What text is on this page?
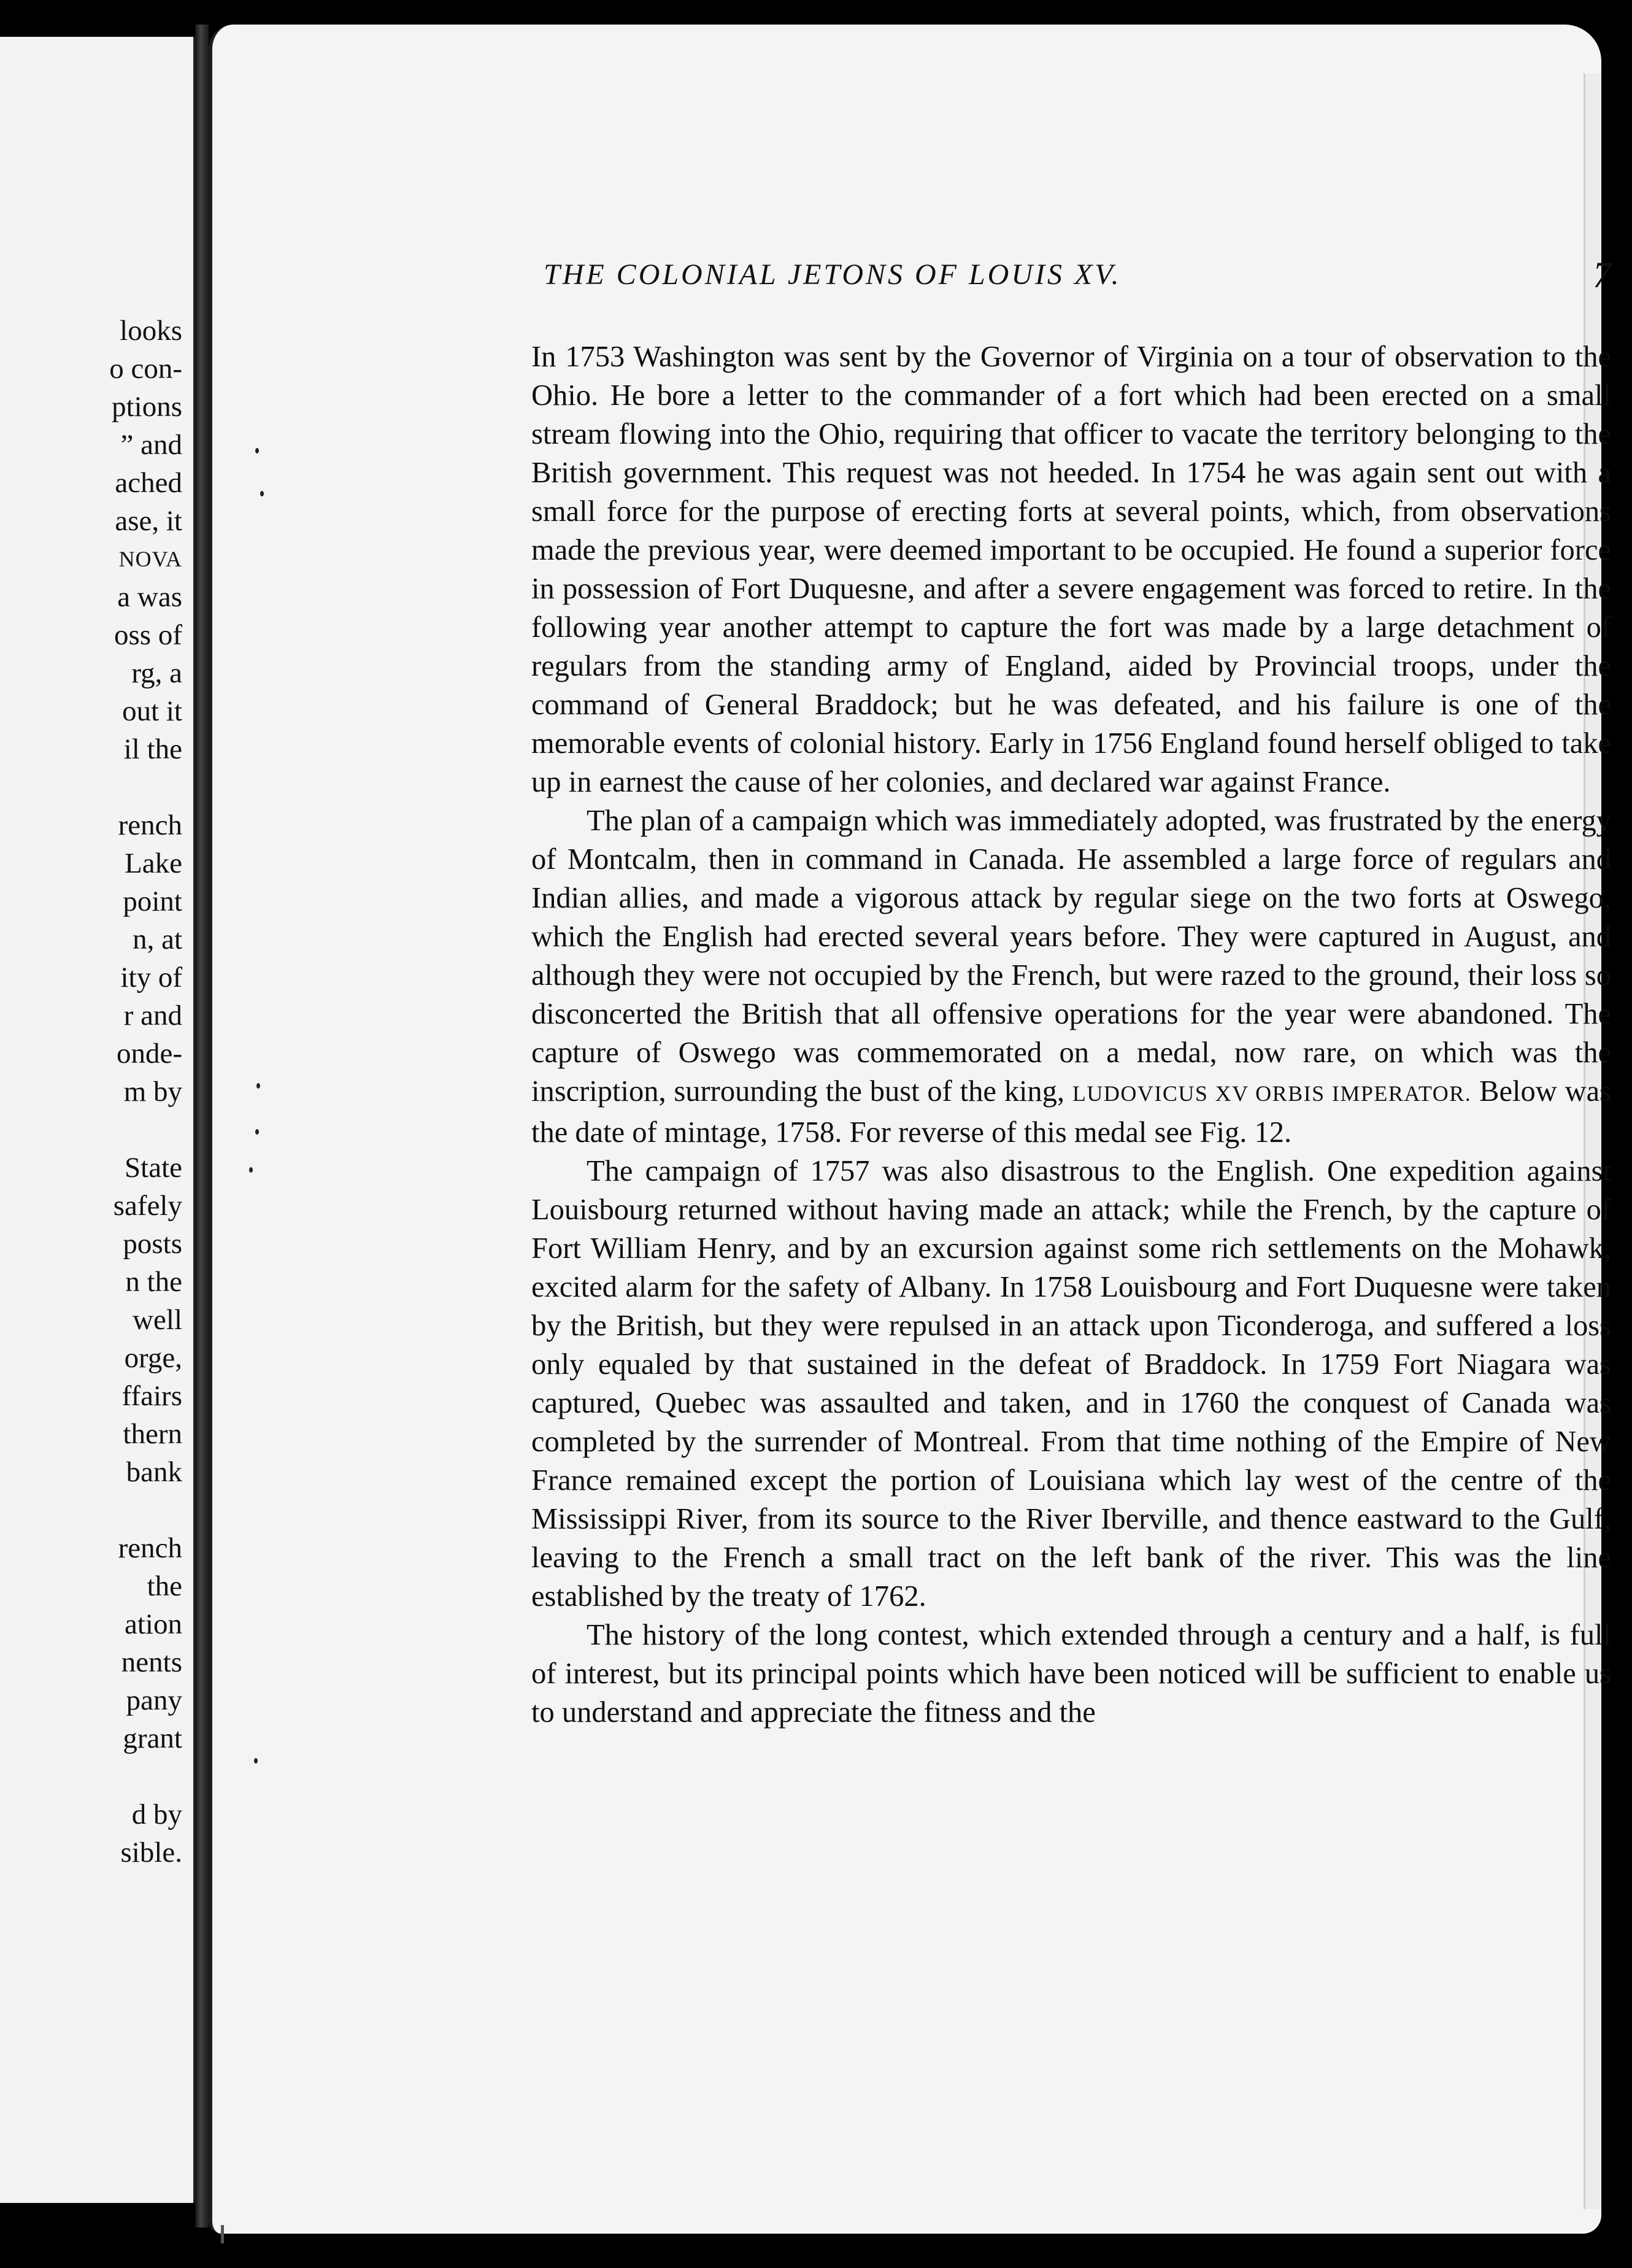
looks
o con-
ptions
” and
ached
ase, it
NOVA
a was
oss of
rg, a
out it
il the
rench
Lake
point
n, at
ity of
r and
onde-
m by
State
safely
posts
n the
well
orge,
ffairs
thern
bank
rench
the
ation
nents
pany
grant
d by
sible.
THE COLONIAL JETONS OF LOUIS XV.	7

In 1753 Washington was sent by the Governor of Virginia on a tour of observation to the Ohio. He bore a letter to the commander of a fort which had been erected on a small stream flowing into the Ohio, requiring that officer to vacate the territory belonging to the British government. This request was not heeded. In 1754 he was again sent out with a small force for the purpose of erecting forts at several points, which, from observations made the previous year, were deemed important to be occupied. He found a superior force in possession of Fort Duquesne, and after a severe engagement was forced to retire. In the following year another attempt to capture the fort was made by a large detachment of regulars from the standing army of England, aided by Provincial troops, under the command of General Braddock; but he was defeated, and his failure is one of the memorable events of colonial history. Early in 1756 England found herself obliged to take up in earnest the cause of her colonies, and declared war against France.

The plan of a campaign which was immediately adopted, was frustrated by the energy of Montcalm, then in command in Canada. He assembled a large force of regulars and Indian allies, and made a vigorous attack by regular siege on the two forts at Oswego, which the English had erected several years before. They were captured in August, and although they were not occupied by the French, but were razed to the ground, their loss so disconcerted the British that all offensive operations for the year were abandoned. The capture of Oswego was commemorated on a medal, now rare, on which was the inscription, surrounding the bust of the king, LUDOVICUS XV ORBIS IMPERATOR. Below was the date of mintage, 1758. For reverse of this medal see Fig. 12.

The campaign of 1757 was also disastrous to the English. One expedition against Louisbourg returned without having made an attack; while the French, by the capture of Fort William Henry, and by an excursion against some rich settlements on the Mohawk, excited alarm for the safety of Albany. In 1758 Louisbourg and Fort Duquesne were taken by the British, but they were repulsed in an attack upon Ticonderoga, and suffered a loss only equaled by that sustained in the defeat of Braddock. In 1759 Fort Niagara was captured, Quebec was assaulted and taken, and in 1760 the conquest of Canada was completed by the surrender of Montreal. From that time nothing of the Empire of New France remained except the portion of Louisiana which lay west of the centre of the Mississippi River, from its source to the River Iberville, and thence eastward to the Gulf, leaving to the French a small tract on the left bank of the river. This was the line established by the treaty of 1762.

The history of the long contest, which extended through a century and a half, is full of interest, but its principal points which have been noticed will be sufficient to enable us to understand and appreciate the fitness and the
